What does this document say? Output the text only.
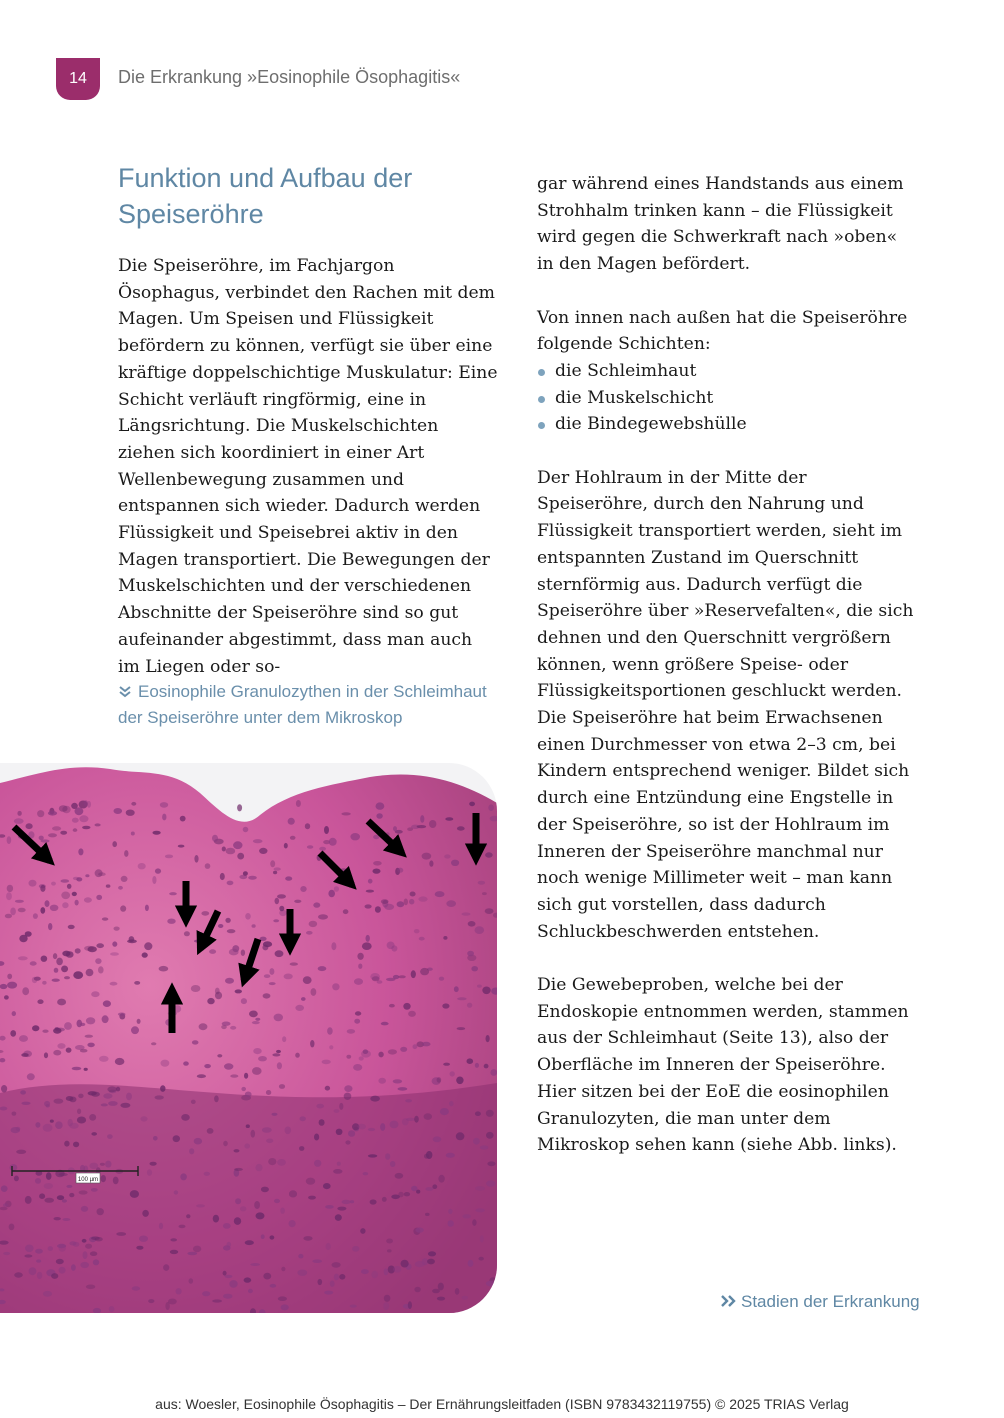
14 Die Erkrankung »Eosinophile Ösophagitis«
Funktion und Aufbau der Speiseröhre

Die Speiseröhre, im Fachjargon Ösophagus, verbindet den Rachen mit dem Magen. Um Speisen und Flüssigkeit befördern zu können, verfügt sie über eine kräftige doppelschichtige Muskulatur: Eine Schicht verläuft ringförmig, eine in Längsrichtung. Die Muskelschichten ziehen sich koordiniert in einer Art Wellenbewegung zusammen und entspannen sich wieder. Dadurch werden Flüssigkeit und Speisebrei aktiv in den Magen transportiert. Die Bewegungen der Muskelschichten und der verschiedenen Abschnitte der Speiseröhre sind so gut aufeinander abgestimmt, dass man auch im Liegen oder so-

Eosinophile Granulozythen in der Schleimhaut der Speiseröhre unter dem Mikroskop
100 µm

gar während eines Handstands aus einem Strohhalm trinken kann – die Flüssigkeit wird gegen die Schwerkraft nach »oben« in den Magen befördert.

Von innen nach außen hat die Speiseröhre folgende Schichten:

die Schleimhaut
die Muskelschicht
die Bindegewebshülle

Der Hohlraum in der Mitte der Speiseröhre, durch den Nahrung und Flüssigkeit transportiert werden, sieht im entspannten Zustand im Querschnitt sternförmig aus. Dadurch verfügt die Speiseröhre über »Reservefalten«, die sich dehnen und den Querschnitt vergrößern können, wenn größere Speise- oder Flüssigkeitsportionen geschluckt werden. Die Speiseröhre hat beim Erwachsenen einen Durchmesser von etwa 2–3 cm, bei Kindern entsprechend weniger. Bildet sich durch eine Entzündung eine Engstelle in der Speiseröhre, so ist der Hohlraum im Inneren der Speiseröhre manchmal nur noch wenige Millimeter weit – man kann sich gut vorstellen, dass dadurch Schluckbeschwerden entstehen.

Die Gewebeproben, welche bei der Endoskopie entnommen werden, stammen aus der Schleimhaut (Seite 13), also der Oberfläche im Inneren der Speiseröhre. Hier sitzen bei der EoE die eosinophilen Granulozyten, die man unter dem Mikroskop sehen kann (siehe Abb. links).

Stadien der Erkrankung
aus: Woesler, Eosinophile Ösophagitis – Der Ernährungsleitfaden (ISBN 9783432119755) © 2025 TRIAS Verlag
